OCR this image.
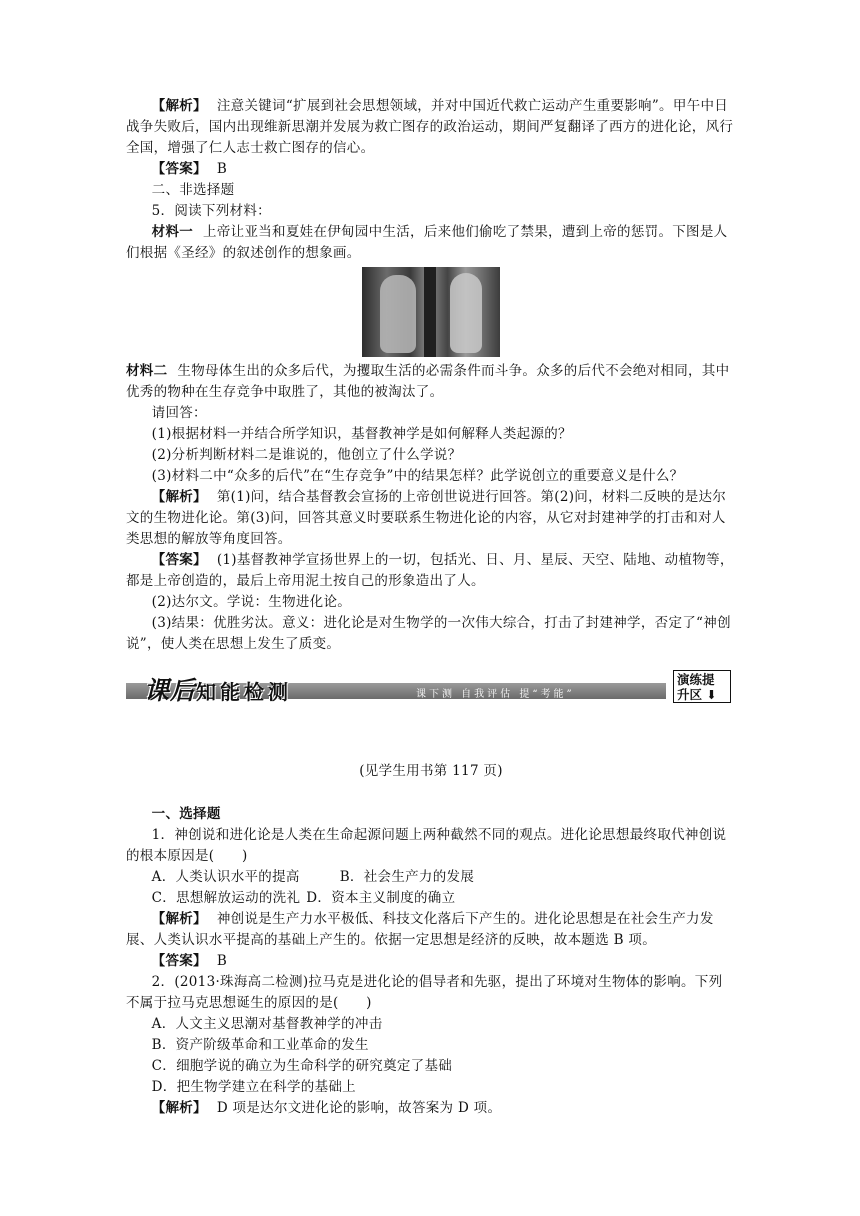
【解析】 注意关键词“扩展到社会思想领域，并对中国近代救亡运动产生重要影响”。甲午中日战争失败后，国内出现维新思潮并发展为救亡图存的政治运动，期间严复翻译了西方的进化论，风行全国，增强了仁人志士救亡图存的信心。

【答案】 B

二、非选择题

5．阅读下列材料：

材料一 上帝让亚当和夏娃在伊甸园中生活，后来他们偷吃了禁果，遭到上帝的惩罚。下图是人们根据《圣经》的叙述创作的想象画。

材料二 生物母体生出的众多后代，为攫取生活的必需条件而斗争。众多的后代不会绝对相同，其中优秀的物种在生存竞争中取胜了，其他的被淘汰了。

请回答：

(1)根据材料一并结合所学知识，基督教神学是如何解释人类起源的？

(2)分析判断材料二是谁说的，他创立了什么学说？

(3)材料二中“众多的后代”在“生存竞争”中的结果怎样？此学说创立的重要意义是什么？

【解析】 第(1)问，结合基督教会宣扬的上帝创世说进行回答。第(2)问，材料二反映的是达尔文的生物进化论。第(3)问，回答其意义时要联系生物进化论的内容，从它对封建神学的打击和对人类思想的解放等角度回答。

【答案】 (1)基督教神学宣扬世界上的一切，包括光、日、月、星辰、天空、陆地、动植物等，都是上帝创造的，最后上帝用泥土按自己的形象造出了人。

(2)达尔文。学说：生物进化论。

(3)结果：优胜劣汰。意义：进化论是对生物学的一次伟大综合，打击了封建神学，否定了“神创说”，使人类在思想上发生了质变。

课后知能检测	课下测 自我评估 提“考能”
演练提
升区 ⬇

(见学生用书第 117 页)

一、选择题

1．神创说和进化论是人类在生命起源问题上两种截然不同的观点。进化论思想最终取代神创说的根本原因是(　　)

A．人类认识水平的提高	B．社会生产力的发展

C．思想解放运动的洗礼 D．资本主义制度的确立

【解析】 神创说是生产力水平极低、科技文化落后下产生的。进化论思想是在社会生产力发展、人类认识水平提高的基础上产生的。依据一定思想是经济的反映，故本题选 B 项。

【答案】 B

2．(2013·珠海高二检测)拉马克是进化论的倡导者和先驱，提出了环境对生物体的影响。下列不属于拉马克思想诞生的原因的是(　　)

A．人文主义思潮对基督教神学的冲击

B．资产阶级革命和工业革命的发生

C．细胞学说的确立为生命科学的研究奠定了基础

D．把生物学建立在科学的基础上

【解析】 D 项是达尔文进化论的影响，故答案为 D 项。
